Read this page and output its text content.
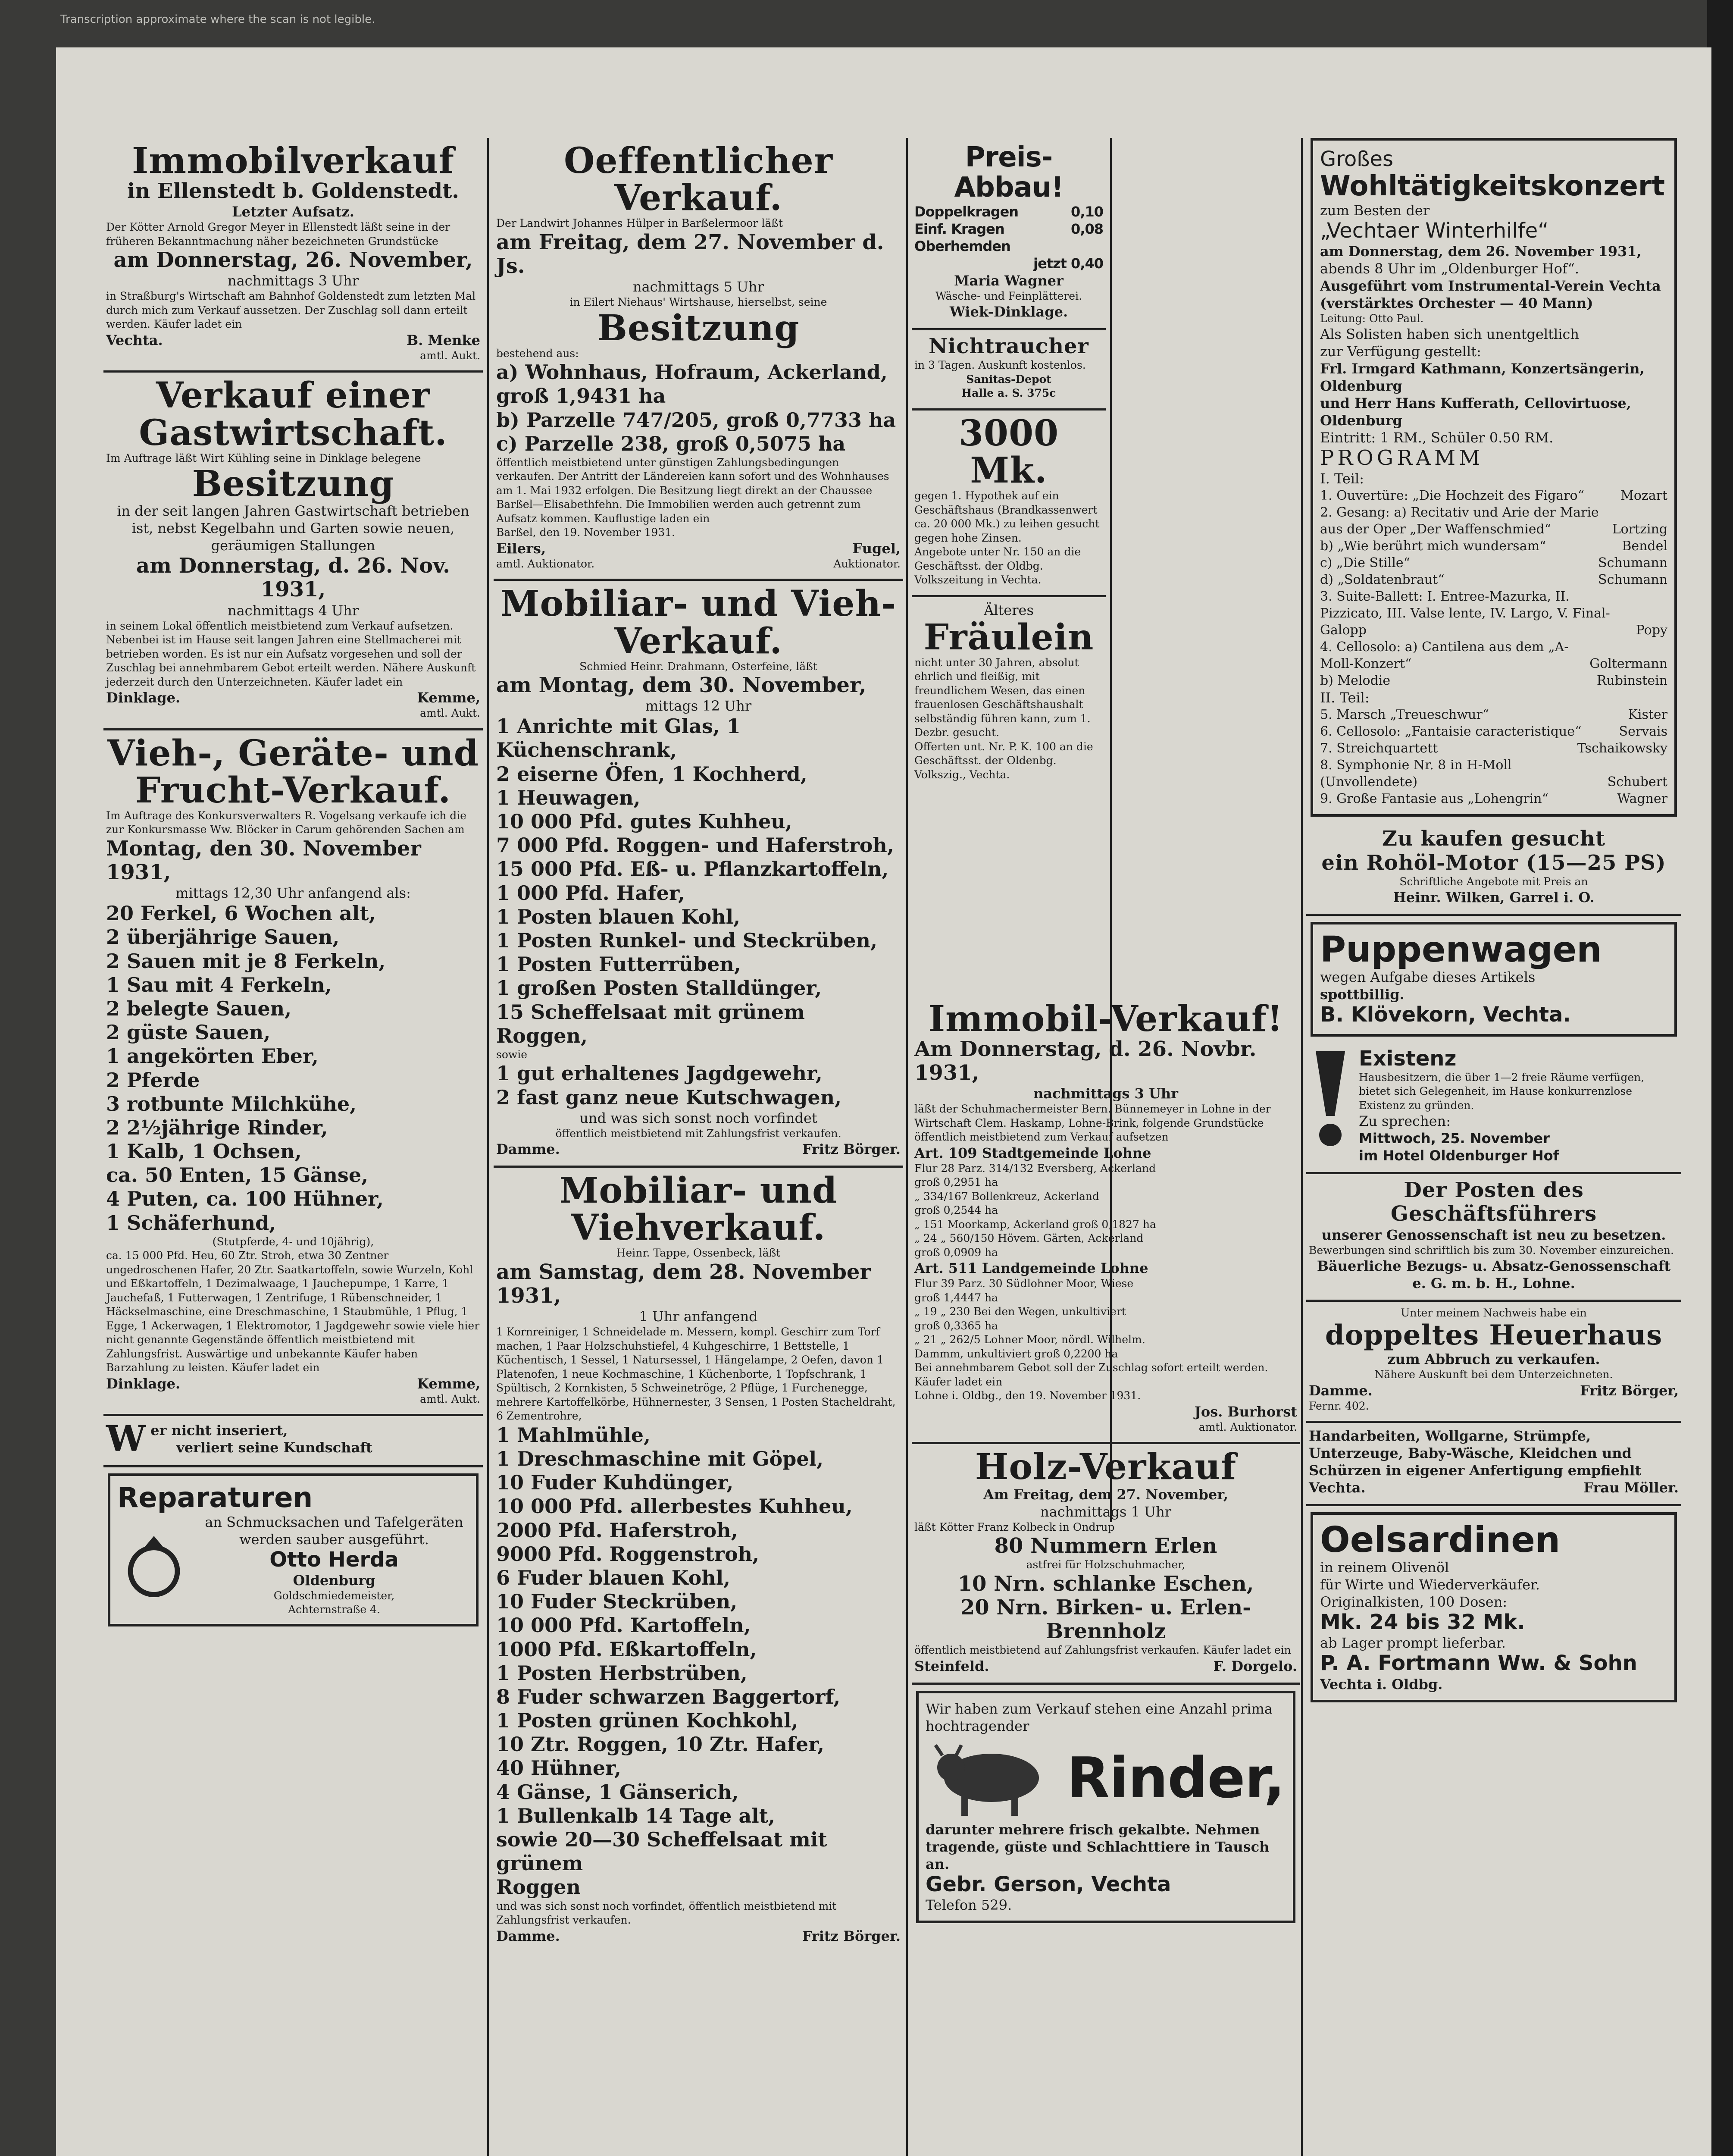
Transcription approximate where the scan is not legible.
Immobilverkauf
in Ellenstedt b. Goldenstedt.
Letzter Aufsatz.
Der Kötter Arnold Gregor Meyer in Ellenstedt läßt seine in der früheren Bekanntmachung näher bezeichneten Grundstücke
am Donnerstag, 26. November,
nachmittags 3 Uhr
in Straßburg's Wirtschaft am Bahnhof Goldenstedt zum letzten Mal durch mich zum Verkauf aussetzen. Der Zuschlag soll dann erteilt werden. Käufer ladet ein
Vechta.	B. Menke
amtl. Aukt.
Verkauf einer Gastwirtschaft.
Im Auftrage läßt Wirt Kühling seine in Dinklage belegene
Besitzung
in der seit langen Jahren Gastwirtschaft betrieben ist, nebst Kegelbahn und Garten sowie neuen, geräumigen Stallungen
am Donnerstag, d. 26. Nov. 1931,
nachmittags 4 Uhr
in seinem Lokal öffentlich meistbietend zum Verkauf aufsetzen. Nebenbei ist im Hause seit langen Jahren eine Stellmacherei mit betrieben worden. Es ist nur ein Aufsatz vorgesehen und soll der Zuschlag bei annehmbarem Gebot erteilt werden. Nähere Auskunft jederzeit durch den Unterzeichneten. Käufer ladet ein
Dinklage.	Kemme,
amtl. Aukt.
Vieh-, Geräte- und Frucht-Verkauf.
Im Auftrage des Konkursverwalters R. Vogelsang verkaufe ich die zur Konkursmasse Ww. Blöcker in Carum gehörenden Sachen am
Montag, den 30. November 1931,
mittags 12,30 Uhr anfangend als:
20 Ferkel, 6 Wochen alt,
2 überjährige Sauen,
2 Sauen mit je 8 Ferkeln,
1 Sau mit 4 Ferkeln,
2 belegte Sauen,
2 güste Sauen,
1 angekörten Eber,
2 Pferde
3 rotbunte Milchkühe,
2 2½jährige Rinder,
1 Kalb, 1 Ochsen,
ca. 50 Enten, 15 Gänse,
4 Puten, ca. 100 Hühner,
1 Schäferhund,
(Stutpferde, 4- und 10jährig),
ca. 15 000 Pfd. Heu, 60 Ztr. Stroh, etwa 30 Zentner ungedroschenen Hafer, 20 Ztr. Saatkartoffeln, sowie Wurzeln, Kohl und Eßkartoffeln, 1 Dezimalwaage, 1 Jauchepumpe, 1 Karre, 1 Jauchefaß, 1 Futterwagen, 1 Zentrifuge, 1 Rübenschneider, 1 Häckselmaschine, eine Dreschmaschine, 1 Staubmühle, 1 Pflug, 1 Egge, 1 Ackerwagen, 1 Elektromotor, 1 Jagdgewehr sowie viele hier nicht genannte Gegenstände öffentlich meistbietend mit Zahlungsfrist. Auswärtige und unbekannte Käufer haben Barzahlung zu leisten. Käufer ladet ein
Dinklage.	Kemme,
amtl. Aukt.
W er nicht inseriert,
verliert seine Kundschaft
Reparaturen
an Schmucksachen und Tafelgeräten werden sauber ausgeführt.
Otto Herda
Oldenburg
Goldschmiedemeister,
Achternstraße 4.
Oeffentlicher Verkauf.
Der Landwirt Johannes Hülper in Barßelermoor läßt
am Freitag, dem 27. November d. Js.
nachmittags 5 Uhr
in Eilert Niehaus' Wirtshause, hierselbst, seine
Besitzung
bestehend aus:
a) Wohnhaus, Hofraum, Ackerland, groß 1,9431 ha
b) Parzelle 747/205, groß 0,7733 ha
c) Parzelle 238, groß 0,5075 ha
öffentlich meistbietend unter günstigen Zahlungsbedingungen verkaufen. Der Antritt der Ländereien kann sofort und des Wohnhauses am 1. Mai 1932 erfolgen. Die Besitzung liegt direkt an der Chaussee Barßel—Elisabethfehn. Die Immobilien werden auch getrennt zum Aufsatz kommen. Kauflustige laden ein
Barßel, den 19. November 1931.
Eilers,	Fugel,
amtl. Auktionator.	Auktionator.
Mobiliar- und Vieh-Verkauf.
Schmied Heinr. Drahmann, Osterfeine, läßt
am Montag, dem 30. November,
mittags 12 Uhr
1 Anrichte mit Glas, 1 Küchenschrank,
2 eiserne Öfen, 1 Kochherd,
1 Heuwagen,
10 000 Pfd. gutes Kuhheu,
7 000 Pfd. Roggen- und Haferstroh,
15 000 Pfd. Eß- u. Pflanzkartoffeln,
1 000 Pfd. Hafer,
1 Posten blauen Kohl,
1 Posten Runkel- und Steckrüben,
1 Posten Futterrüben,
1 großen Posten Stalldünger,
15 Scheffelsaat mit grünem Roggen,
sowie
1 gut erhaltenes Jagdgewehr,
2 fast ganz neue Kutschwagen,
und was sich sonst noch vorfindet
öffentlich meistbietend mit Zahlungsfrist verkaufen.
Damme.	Fritz Börger.
Mobiliar- und Viehverkauf.
Heinr. Tappe, Ossenbeck, läßt
am Samstag, dem 28. November 1931,
1 Uhr anfangend
1 Kornreiniger, 1 Schneidelade m. Messern, kompl. Geschirr zum Torf machen, 1 Paar Holzschuhstiefel, 4 Kuhgeschirre, 1 Bettstelle, 1 Küchentisch, 1 Sessel, 1 Natursessel, 1 Hängelampe, 2 Oefen, davon 1 Platenofen, 1 neue Kochmaschine, 1 Küchenborte, 1 Topfschrank, 1 Spültisch, 2 Kornkisten, 5 Schweinetröge, 2 Pflüge, 1 Furchenegge, mehrere Kartoffelkörbe, Hühnernester, 3 Sensen, 1 Posten Stacheldraht, 6 Zementrohre,
1 Mahlmühle,
1 Dreschmaschine mit Göpel,
10 Fuder Kuhdünger,
10 000 Pfd. allerbestes Kuhheu,
2000 Pfd. Haferstroh,
9000 Pfd. Roggenstroh,
6 Fuder blauen Kohl,
10 Fuder Steckrüben,
10 000 Pfd. Kartoffeln,
1000 Pfd. Eßkartoffeln,
1 Posten Herbstrüben,
8 Fuder schwarzen Baggertorf,
1 Posten grünen Kochkohl,
10 Ztr. Roggen, 10 Ztr. Hafer,
40 Hühner,
4 Gänse, 1 Gänserich,
1 Bullenkalb 14 Tage alt,
sowie 20—30 Scheffelsaat mit grünem
Roggen
und was sich sonst noch vorfindet, öffentlich meistbietend mit Zahlungsfrist verkaufen.
Damme.	Fritz Börger.
Preis-Abbau!
Doppelkragen	0,10
Einf. Kragen	0,08
Oberhemden
jetzt 0,40
Maria Wagner
Wäsche- und Feinplätterei.
Wiek-Dinklage.
Nichtraucher
in 3 Tagen. Auskunft kostenlos.
Sanitas-Depot
Halle a. S. 375c
3000 Mk.
gegen 1. Hypothek auf ein Geschäftshaus (Brandkassenwert ca. 20 000 Mk.) zu leihen gesucht gegen hohe Zinsen.
Angebote unter Nr. 150 an die Geschäftsst. der Oldbg. Volkszeitung in Vechta.
Älteres
Fräulein
nicht unter 30 Jahren, absolut ehrlich und fleißig, mit freundlichem Wesen, das einen frauenlosen Geschäftshaushalt selbständig führen kann, zum 1. Dezbr. gesucht.
Offerten unt. Nr. P. K. 100 an die Geschäftsst. der Oldenbg. Volkszig., Vechta.
Immobil-Verkauf!
Am Donnerstag, d. 26. Novbr. 1931,
nachmittags 3 Uhr
läßt der Schuhmachermeister Bern. Bünnemeyer in Lohne in der Wirtschaft Clem. Haskamp, Lohne-Brink, folgende Grundstücke öffentlich meistbietend zum Verkauf aufsetzen
Art. 109 Stadtgemeinde Lohne
Flur 28 Parz. 314/132 Eversberg, Ackerland
groß 0,2951 ha
„ 334/167 Bollenkreuz, Ackerland
groß 0,2544 ha
„ 151 Moorkamp, Ackerland groß 0,1827 ha
„ 24 „ 560/150 Hövem. Gärten, Ackerland
groß 0,0909 ha
Art. 511 Landgemeinde Lohne
Flur 39 Parz. 30 Südlohner Moor, Wiese
groß 1,4447 ha
„ 19 „ 230 Bei den Wegen, unkultiviert
groß 0,3365 ha
„ 21 „ 262/5 Lohner Moor, nördl. Wilhelm.
Dammm, unkultiviert groß 0,2200 ha
Bei annehmbarem Gebot soll der Zuschlag sofort erteilt werden. Käufer ladet ein
Lohne i. Oldbg., den 19. November 1931.
Jos. Burhorst
amtl. Auktionator.
Holz-Verkauf
Am Freitag, dem 27. November,
nachmittags 1 Uhr
läßt Kötter Franz Kolbeck in Ondrup
80 Nummern Erlen
astfrei für Holzschuhmacher,
10 Nrn. schlanke Eschen,
20 Nrn. Birken- u. Erlen-
Brennholz
öffentlich meistbietend auf Zahlungsfrist verkaufen. Käufer ladet ein
Steinfeld.	F. Dorgelo.
Wir haben zum Verkauf stehen eine Anzahl prima hochtragender
Rinder,
darunter mehrere frisch gekalbte. Nehmen tragende, güste und Schlachttiere in Tausch an.
Gebr. Gerson, Vechta
Telefon 529.
Großes
Wohltätigkeitskonzert
zum Besten der
„Vechtaer Winterhilfe“
am Donnerstag, dem 26. November 1931,
abends 8 Uhr im „Oldenburger Hof“.
Ausgeführt vom Instrumental-Verein Vechta
(verstärktes Orchester — 40 Mann)
Leitung: Otto Paul.
Als Solisten haben sich unentgeltlich
zur Verfügung gestellt:
Frl. Irmgard Kathmann, Konzertsängerin, Oldenburg
und Herr Hans Kufferath, Cellovirtuose, Oldenburg
Eintritt: 1 RM., Schüler 0.50 RM.
PROGRAMM
I. Teil:
1. Ouvertüre: „Die Hochzeit des Figaro“	Mozart
2. Gesang: a) Recitativ und Arie der Marie aus der Oper „Der Waffenschmied“	Lortzing
b) „Wie berührt mich wundersam“	Bendel
c) „Die Stille“	Schumann
d) „Soldatenbraut“	Schumann
3. Suite-Ballett: I. Entree-Mazurka, II. Pizzicato, III. Valse lente, IV. Largo, V. Final-Galopp	Popy
4. Cellosolo: a) Cantilena aus dem „A-Moll-Konzert“	Goltermann
b) Melodie	Rubinstein
II. Teil:
5. Marsch „Treueschwur“	Kister
6. Cellosolo: „Fantaisie caracteristique“	Servais
7. Streichquartett	Tschaikowsky
8. Symphonie Nr. 8 in H-Moll (Unvollendete)	Schubert
9. Große Fantasie aus „Lohengrin“	Wagner
Zu kaufen gesucht
ein Rohöl-Motor (15—25 PS)
Schriftliche Angebote mit Preis an
Heinr. Wilken, Garrel i. O.
Puppenwagen
wegen Aufgabe dieses Artikels
spottbillig.
B. Klövekorn, Vechta.
Existenz
Hausbesitzern, die über 1—2 freie Räume verfügen, bietet sich Gelegenheit, im Hause konkurrenzlose Existenz zu gründen.
Zu sprechen:
Mittwoch, 25. November
im Hotel Oldenburger Hof
Der Posten des Geschäftsführers
unserer Genossenschaft ist neu zu besetzen.
Bewerbungen sind schriftlich bis zum 30. November einzureichen.
Bäuerliche Bezugs- u. Absatz-Genossenschaft e. G. m. b. H., Lohne.
Unter meinem Nachweis habe ein
doppeltes Heuerhaus
zum Abbruch zu verkaufen.
Nähere Auskunft bei dem Unterzeichneten.
Damme.	Fritz Börger,
Fernr. 402.
Handarbeiten, Wollgarne, Strümpfe, Unterzeuge, Baby-Wäsche, Kleidchen und Schürzen in eigener Anfertigung empfiehlt
Vechta.	Frau Möller.
Oelsardinen
in reinem Olivenöl
für Wirte und Wiederverkäufer.
Originalkisten, 100 Dosen:
Mk. 24 bis 32 Mk.
ab Lager prompt lieferbar.
P. A. Fortmann Ww. & Sohn
Vechta i. Oldbg.
